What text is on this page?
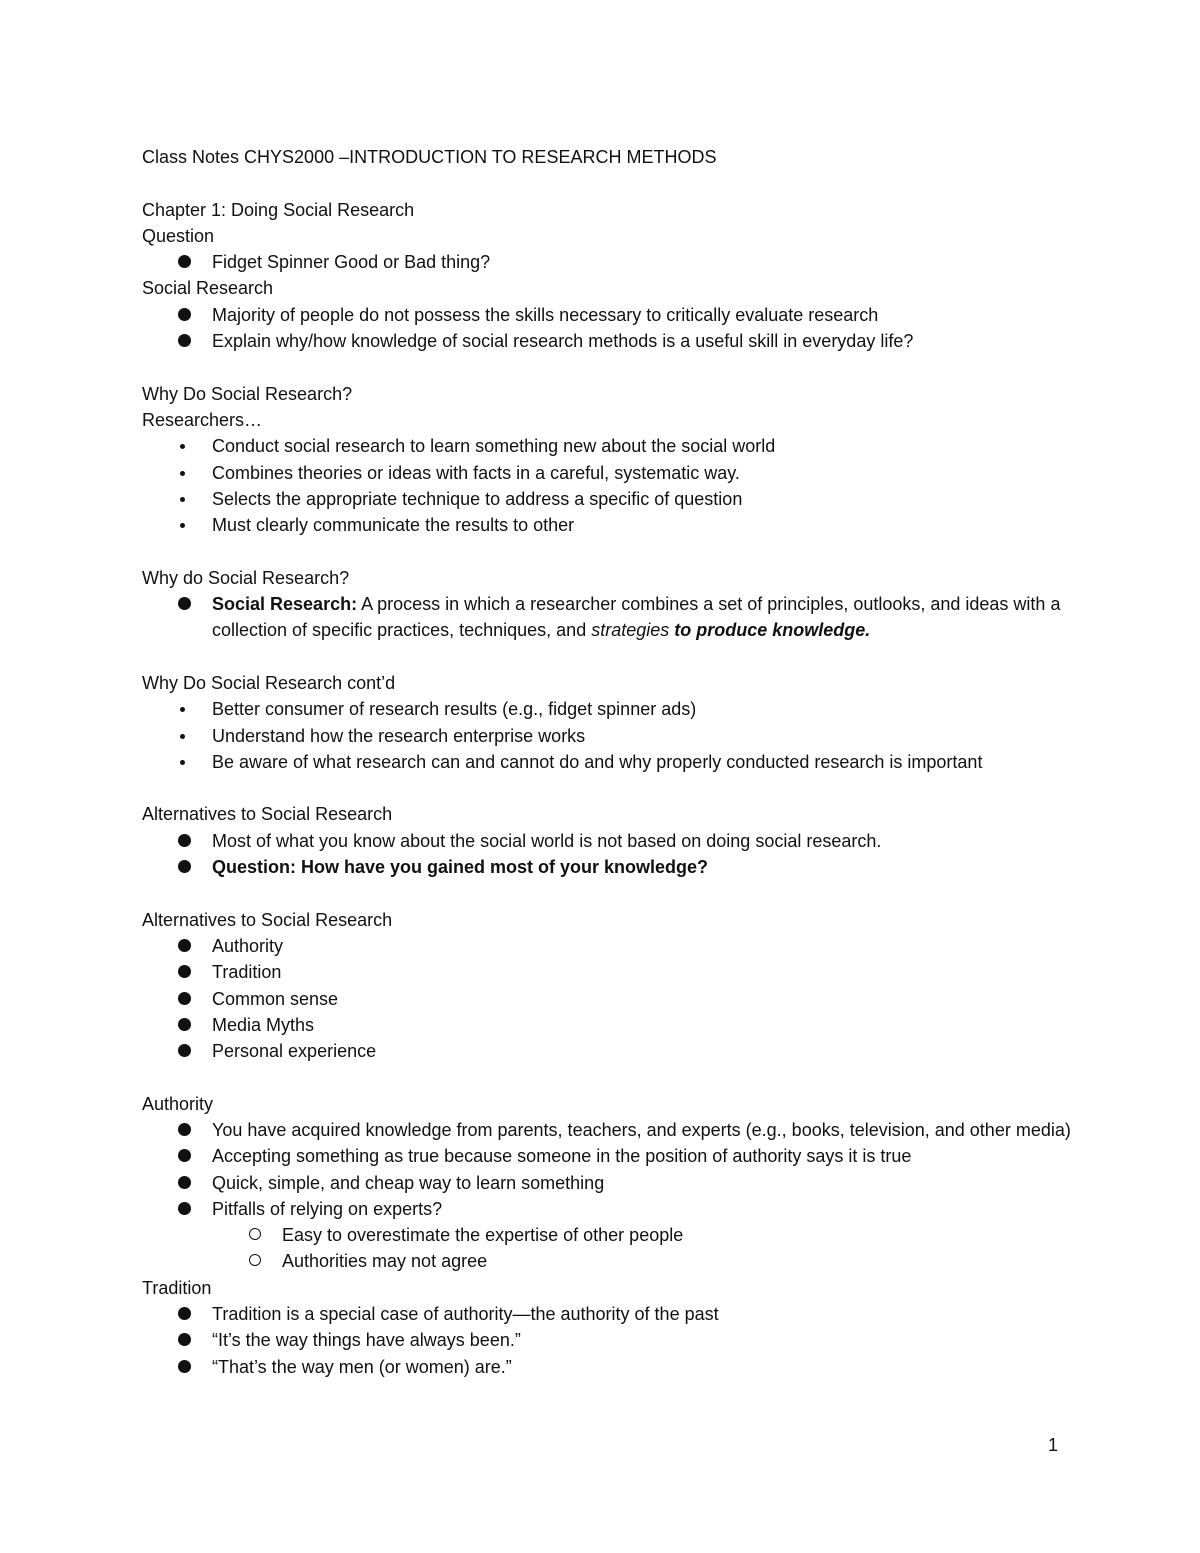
Class Notes CHYS2000 –INTRODUCTION TO RESEARCH METHODS
Chapter 1: Doing Social Research
Question
Fidget Spinner Good or Bad thing?
Social Research
Majority of people do not possess the skills necessary to critically evaluate research
Explain why/how knowledge of social research methods is a useful skill in everyday life?
Why Do Social Research?
Researchers…
Conduct social research to learn something new about the social world
Combines theories or ideas with facts in a careful, systematic way.
Selects the appropriate technique to address a specific of question
Must clearly communicate the results to other
Why do Social Research?
Social Research: A process in which a researcher combines a set of principles, outlooks, and ideas with a collection of specific practices, techniques, and strategies to produce knowledge.
Why Do Social Research cont’d
Better consumer of research results (e.g., fidget spinner ads)
Understand how the research enterprise works
Be aware of what research can and cannot do and why properly conducted research is important
Alternatives to Social Research
Most of what you know about the social world is not based on doing social research.
Question: How have you gained most of your knowledge?
Alternatives to Social Research
Authority
Tradition
Common sense
Media Myths
Personal experience
Authority
You have acquired knowledge from parents, teachers, and experts (e.g., books, television, and other media)
Accepting something as true because someone in the position of authority says it is true
Quick, simple, and cheap way to learn something
Pitfalls of relying on experts?
Easy to overestimate the expertise of other people
Authorities may not agree
Tradition
Tradition is a special case of authority—the authority of the past
“It’s the way things have always been.”
“That’s the way men (or women) are.”
1
